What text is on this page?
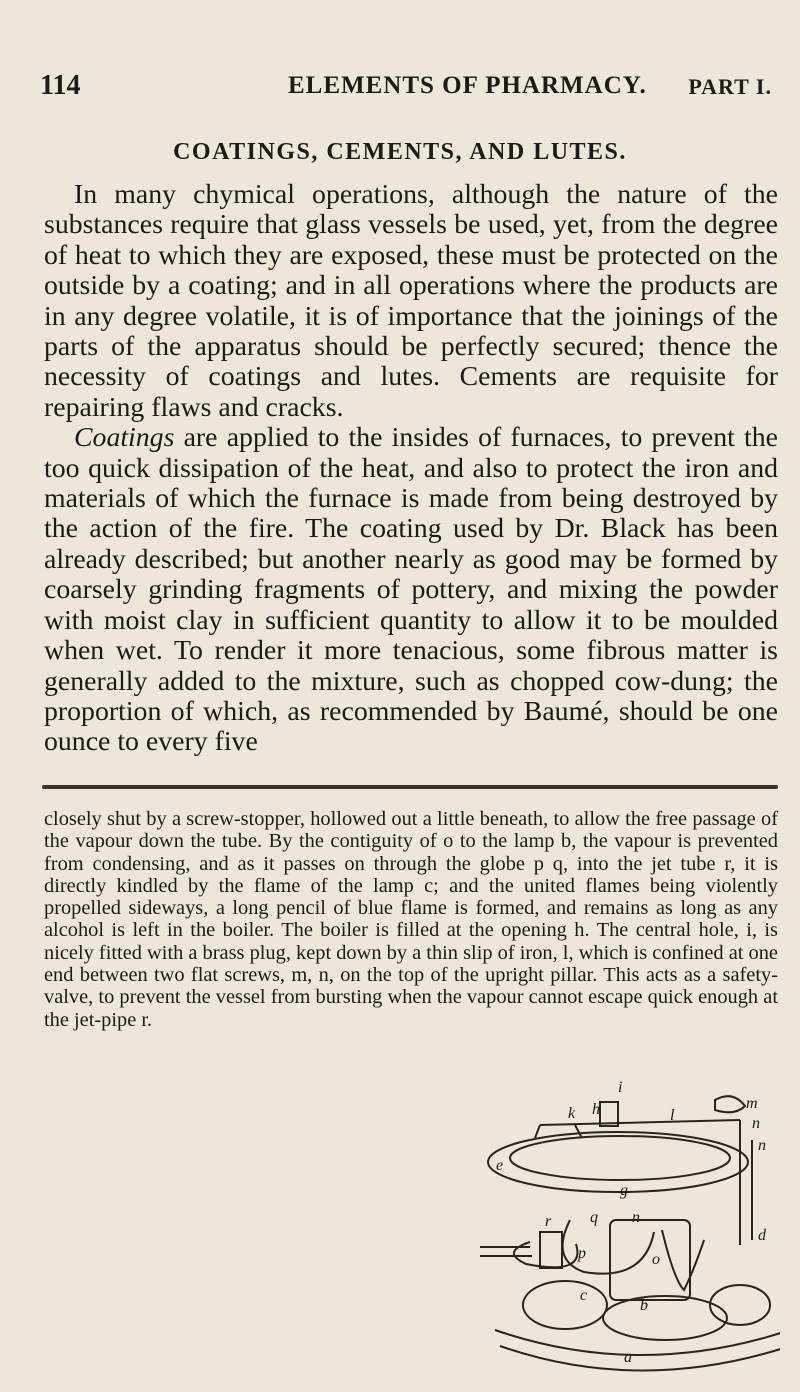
114	ELEMENTS OF PHARMACY. PART I.
COATINGS, CEMENTS, AND LUTES.

In many chymical operations, although the nature of the substances require that glass vessels be used, yet, from the degree of heat to which they are exposed, these must be protected on the outside by a coating; and in all operations where the products are in any degree volatile, it is of importance that the joinings of the parts of the apparatus should be perfectly secured; thence the necessity of coatings and lutes. Cements are requisite for repairing flaws and cracks.

Coatings are applied to the insides of furnaces, to prevent the too quick dissipation of the heat, and also to protect the iron and materials of which the furnace is made from being destroyed by the action of the fire. The coating used by Dr. Black has been already described; but another nearly as good may be formed by coarsely grinding fragments of pottery, and mixing the powder with moist clay in sufficient quantity to allow it to be moulded when wet. To render it more tenacious, some fibrous matter is generally added to the mixture, such as chopped cow-dung; the proportion of which, as recommended by Baumé, should be one ounce to every five

closely shut by a screw-stopper, hollowed out a little beneath, to allow the free passage of the vapour down the tube. By the contiguity of o to the lamp b, the vapour is prevented from condensing, and as it passes on through the globe p q, into the jet tube r, it is directly kindled by the flame of the lamp c; and the united flames being violently propelled sideways, a long pencil of blue flame is formed, and remains as long as any alcohol is left in the boiler. The boiler is filled at the opening h. The central hole, i, is nicely fitted with a brass plug, kept down by a thin slip of iron, l, which is confined at one end between two flat screws, m, n, on the top of the upright pillar. This acts as a safety-valve, to prevent the vessel from bursting when the vapour cannot escape quick enough at the jet-pipe r.

i
k h	l
m
n
e
n
g
d
q
p
r	n
o
c
b
a
